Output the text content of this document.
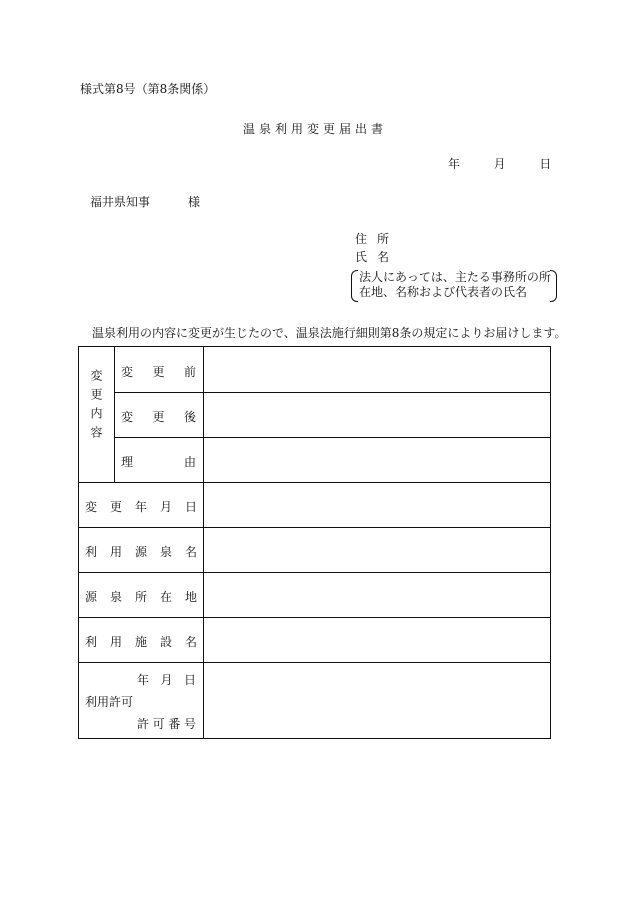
様式第8号（第8条関係）
温泉利用変更届出書
年	月	日
福井県知事	様
住所
氏名
法人にあっては、主たる事務所の所
在地、名称および代表者の氏名
温泉利用の内容に変更が生じたので、温泉法施行細則第8条の規定によりお届けします。
変更内容 変 更 前
変 更 後
理	由
変 更 年 月 日
利 用 源 泉 名
源 泉 所 在 地
利 用 施 設 名
年 月 日
利用許可
許 可 番 号
